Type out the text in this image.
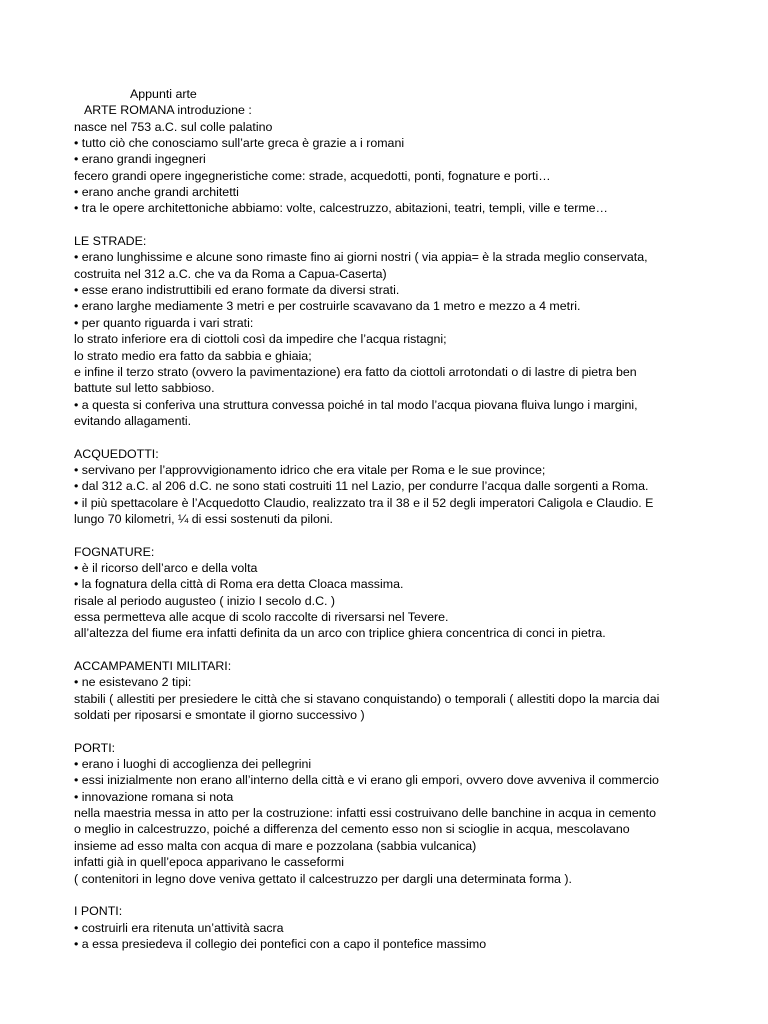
Appunti arte
ARTE ROMANA introduzione :
nasce nel 753 a.C. sul colle palatino
• tutto ciò che conosciamo sull’arte greca è grazie a i romani
• erano grandi ingegneri
fecero grandi opere ingegneristiche come: strade, acquedotti, ponti, fognature e porti…
• erano anche grandi architetti
• tra le opere architettoniche abbiamo: volte, calcestruzzo, abitazioni, teatri, templi, ville e terme…
LE STRADE:
• erano lunghissime e alcune sono rimaste fino ai giorni nostri ( via appia= è la strada meglio conservata,
costruita nel 312 a.C. che va da Roma a Capua-Caserta)
• esse erano indistruttibili ed erano formate da diversi strati.
• erano larghe mediamente 3 metri e per costruirle scavavano da 1 metro e mezzo a 4 metri.
• per quanto riguarda i vari strati:
lo strato inferiore era di ciottoli così da impedire che l’acqua ristagni;
lo strato medio era fatto da sabbia e ghiaia;
e infine il terzo strato (ovvero la pavimentazione) era fatto da ciottoli arrotondati o di lastre di pietra ben
battute sul letto sabbioso.
• a questa si conferiva una struttura convessa poiché in tal modo l’acqua piovana fluiva lungo i margini,
evitando allagamenti.
ACQUEDOTTI:
• servivano per l’approvvigionamento idrico che era vitale per Roma e le sue province;
• dal 312 a.C. al 206 d.C. ne sono stati costruiti 11 nel Lazio, per condurre l’acqua dalle sorgenti a Roma.
• il più spettacolare è l’Acquedotto Claudio, realizzato tra il 38 e il 52 degli imperatori Caligola e Claudio. E
lungo 70 kilometri, ¼ di essi sostenuti da piloni.
FOGNATURE:
• è il ricorso dell’arco e della volta
• la fognatura della città di Roma era detta Cloaca massima.
risale al periodo augusteo ( inizio I secolo d.C. )
essa permetteva alle acque di scolo raccolte di riversarsi nel Tevere.
all’altezza del fiume era infatti definita da un arco con triplice ghiera concentrica di conci in pietra.
ACCAMPAMENTI MILITARI:
• ne esistevano 2 tipi:
stabili ( allestiti per presiedere le città che si stavano conquistando) o temporali ( allestiti dopo la marcia dai
soldati per riposarsi e smontate il giorno successivo )
PORTI:
• erano i luoghi di accoglienza dei pellegrini
• essi inizialmente non erano all’interno della città e vi erano gli empori, ovvero dove avveniva il commercio
• innovazione romana si nota
nella maestria messa in atto per la costruzione: infatti essi costruivano delle banchine in acqua in cemento
o meglio in calcestruzzo, poiché a differenza del cemento esso non si scioglie in acqua, mescolavano
insieme ad esso malta con acqua di mare e pozzolana (sabbia vulcanica)
infatti già in quell’epoca apparivano le casseformi
( contenitori in legno dove veniva gettato il calcestruzzo per dargli una determinata forma ).
I PONTI:
• costruirli era ritenuta un’attività sacra
• a essa presiedeva il collegio dei pontefici con a capo il pontefice massimo
